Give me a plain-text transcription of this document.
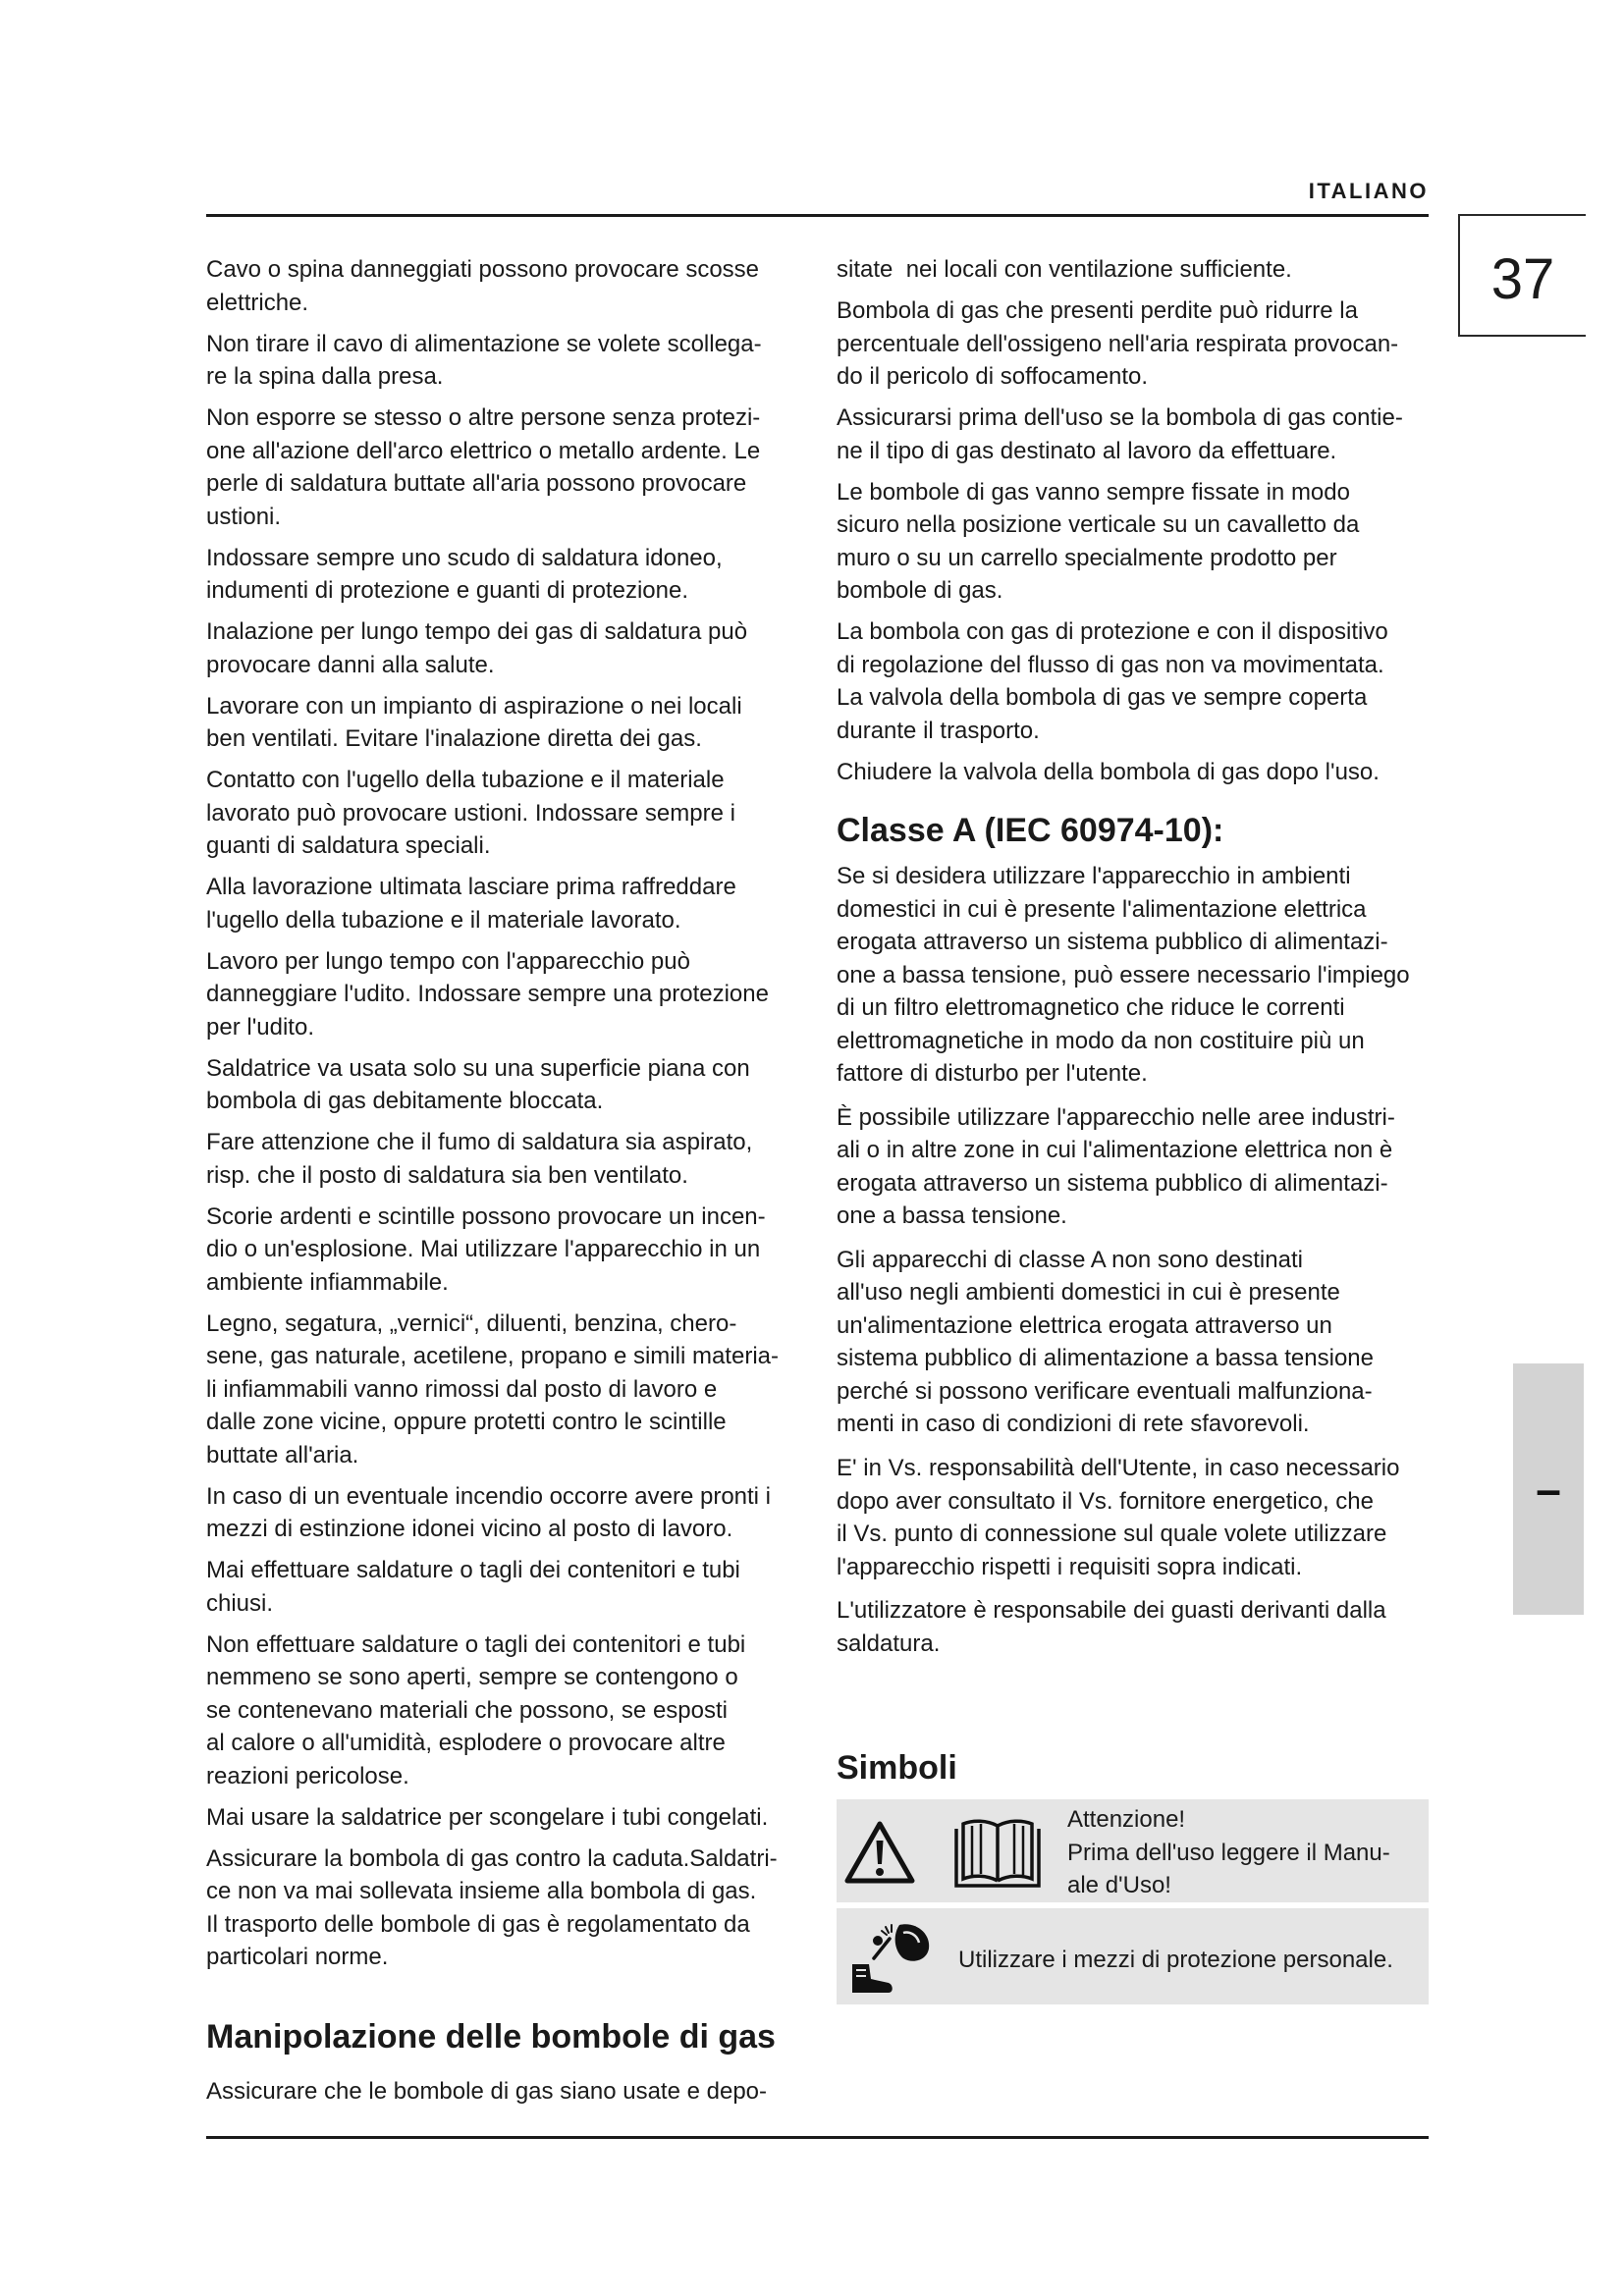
ITALIANO
37
–

Cavo o spina danneggiati possono provocare scosse
elettriche.

Non tirare il cavo di alimentazione se volete scollega-
re la spina dalla presa.

Non esporre se stesso o altre persone senza protezi-
one all'azione dell'arco elettrico o metallo ardente. Le
perle di saldatura buttate all'aria possono provocare
ustioni.

Indossare sempre uno scudo di saldatura idoneo,
indumenti di protezione e guanti di protezione.

Inalazione per lungo tempo dei gas di saldatura può
provocare danni alla salute.

Lavorare con un impianto di aspirazione o nei locali
ben ventilati. Evitare l'inalazione diretta dei gas.

Contatto con l'ugello della tubazione e il materiale
lavorato può provocare ustioni. Indossare sempre i
guanti di saldatura speciali.

Alla lavorazione ultimata lasciare prima raffreddare
l'ugello della tubazione e il materiale lavorato.

Lavoro per lungo tempo con l'apparecchio può
danneggiare l'udito. Indossare sempre una protezione
per l'udito.

Saldatrice va usata solo su una superficie piana con
bombola di gas debitamente bloccata.

Fare attenzione che il fumo di saldatura sia aspirato,
risp. che il posto di saldatura sia ben ventilato.

Scorie ardenti e scintille possono provocare un incen-
dio o un'esplosione. Mai utilizzare l'apparecchio in un
ambiente infiammabile.

Legno, segatura, „vernici“, diluenti, benzina, chero-
sene, gas naturale, acetilene, propano e simili materia-
li infiammabili vanno rimossi dal posto di lavoro e
dalle zone vicine, oppure protetti contro le scintille
buttate all'aria.

In caso di un eventuale incendio occorre avere pronti i
mezzi di estinzione idonei vicino al posto di lavoro.

Mai effettuare saldature o tagli dei contenitori e tubi
chiusi.

Non effettuare saldature o tagli dei contenitori e tubi
nemmeno se sono aperti, sempre se contengono o
se contenevano materiali che possono, se esposti
al calore o all'umidità, esplodere o provocare altre
reazioni pericolose.

Mai usare la saldatrice per scongelare i tubi congelati.

Assicurare la bombola di gas contro la caduta.Saldatri-
ce non va mai sollevata insieme alla bombola di gas.
Il trasporto delle bombole di gas è regolamentato da
particolari norme.

Manipolazione delle bombole di gas

Assicurare che le bombole di gas siano usate e depo-

sitate  nei locali con ventilazione sufficiente.

Bombola di gas che presenti perdite può ridurre la
percentuale dell'ossigeno nell'aria respirata provocan-
do il pericolo di soffocamento.

Assicurarsi prima dell'uso se la bombola di gas contie-
ne il tipo di gas destinato al lavoro da effettuare.

Le bombole di gas vanno sempre fissate in modo
sicuro nella posizione verticale su un cavalletto da
muro o su un carrello specialmente prodotto per
bombole di gas.

La bombola con gas di protezione e con il dispositivo
di regolazione del flusso di gas non va movimentata.
La valvola della bombola di gas ve sempre coperta
durante il trasporto.

Chiudere la valvola della bombola di gas dopo l'uso.

Classe A (IEC 60974-10):

Se si desidera utilizzare l'apparecchio in ambienti
domestici in cui è presente l'alimentazione elettrica
erogata attraverso un sistema pubblico di alimentazi-
one a bassa tensione, può essere necessario l'impiego
di un filtro elettromagnetico che riduce le correnti
elettromagnetiche in modo da non costituire più un
fattore di disturbo per l'utente.

È possibile utilizzare l'apparecchio nelle aree industri-
ali o in altre zone in cui l'alimentazione elettrica non è
erogata attraverso un sistema pubblico di alimentazi-
one a bassa tensione.

Gli apparecchi di classe A non sono destinati
all'uso negli ambienti domestici in cui è presente
un'alimentazione elettrica erogata attraverso un
sistema pubblico di alimentazione a bassa tensione
perché si possono verificare eventuali malfunziona-
menti in caso di condizioni di rete sfavorevoli.

E' in Vs. responsabilità dell'Utente, in caso necessario
dopo aver consultato il Vs. fornitore energetico, che
il Vs. punto di connessione sul quale volete utilizzare
l'apparecchio rispetti i requisiti sopra indicati.

L'utilizzatore è responsabile dei guasti derivanti dalla
saldatura.

Simboli

Attenzione!
Prima dell'uso leggere il Manu-
ale d'Uso!

Utilizzare i mezzi di protezione personale.
